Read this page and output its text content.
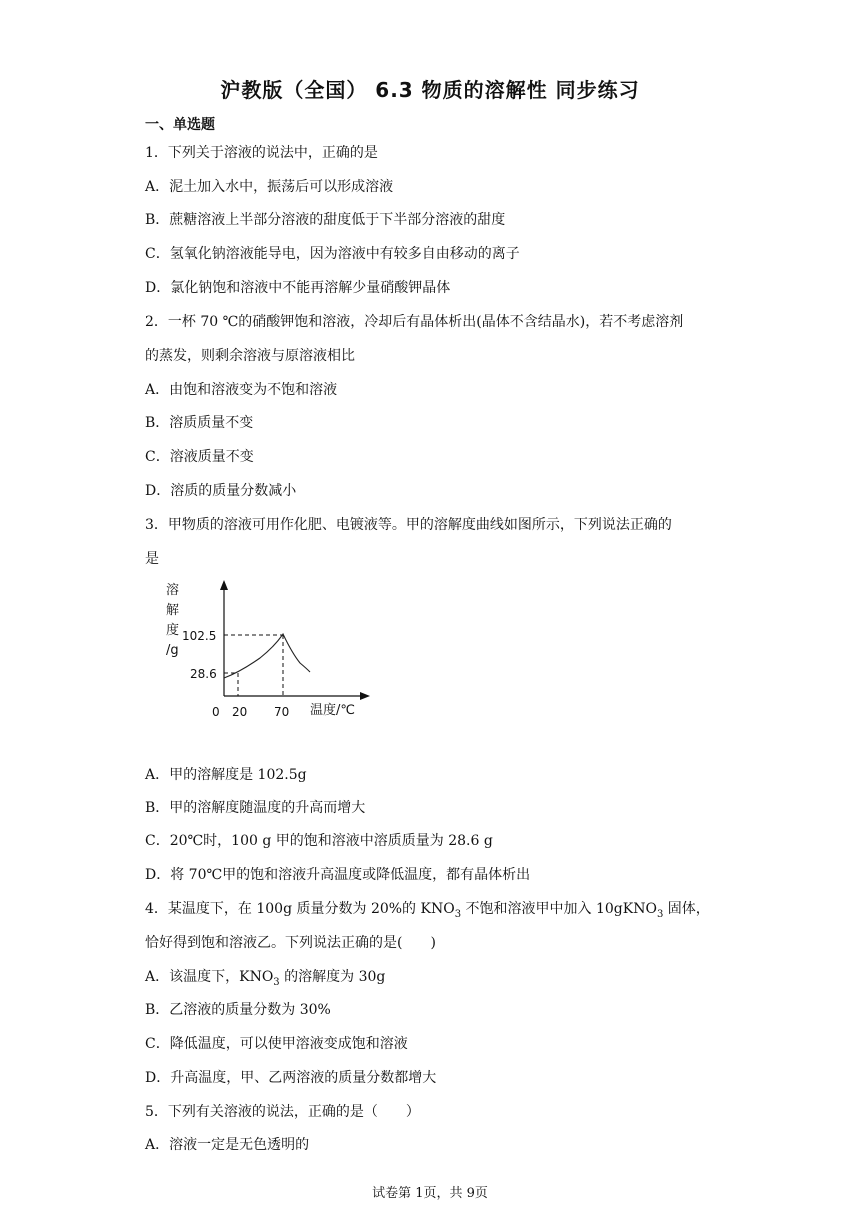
沪教版（全国） 6.3 物质的溶解性 同步练习
一、单选题
1．下列关于溶液的说法中，正确的是
A．泥土加入水中，振荡后可以形成溶液
B．蔗糖溶液上半部分溶液的甜度低于下半部分溶液的甜度
C．氢氧化钠溶液能导电，因为溶液中有较多自由移动的离子
D．氯化钠饱和溶液中不能再溶解少量硝酸钾晶体
2．一杯 70 ℃的硝酸钾饱和溶液，冷却后有晶体析出(晶体不含结晶水)，若不考虑溶剂
的蒸发，则剩余溶液与原溶液相比
A．由饱和溶液变为不饱和溶液
B．溶质质量不变
C．溶液质量不变
D．溶质的质量分数减小
3．甲物质的溶液可用作化肥、电镀液等。甲的溶解度曲线如图所示，下列说法正确的
是
溶
解
度
/g
102.5
28.6
0 20 70 温度/℃
A．甲的溶解度是 102.5g
B．甲的溶解度随温度的升高而增大
C．20℃时，100 g 甲的饱和溶液中溶质质量为 28.6 g
D．将 70℃甲的饱和溶液升高温度或降低温度，都有晶体析出
4．某温度下，在 100g 质量分数为 20%的 $KNO_3$ 不饱和溶液甲中加入 10gKNO$_3$ 固体，
恰好得到饱和溶液乙。下列说法正确的是(　　)
A．该温度下，$KNO_3$ 的溶解度为 30g
B．乙溶液的质量分数为 30%
C．降低温度，可以使甲溶液变成饱和溶液
D．升高温度，甲、乙两溶液的质量分数都增大
5．下列有关溶液的说法，正确的是（　　）
A．溶液一定是无色透明的
试卷第 1页，共 9页
